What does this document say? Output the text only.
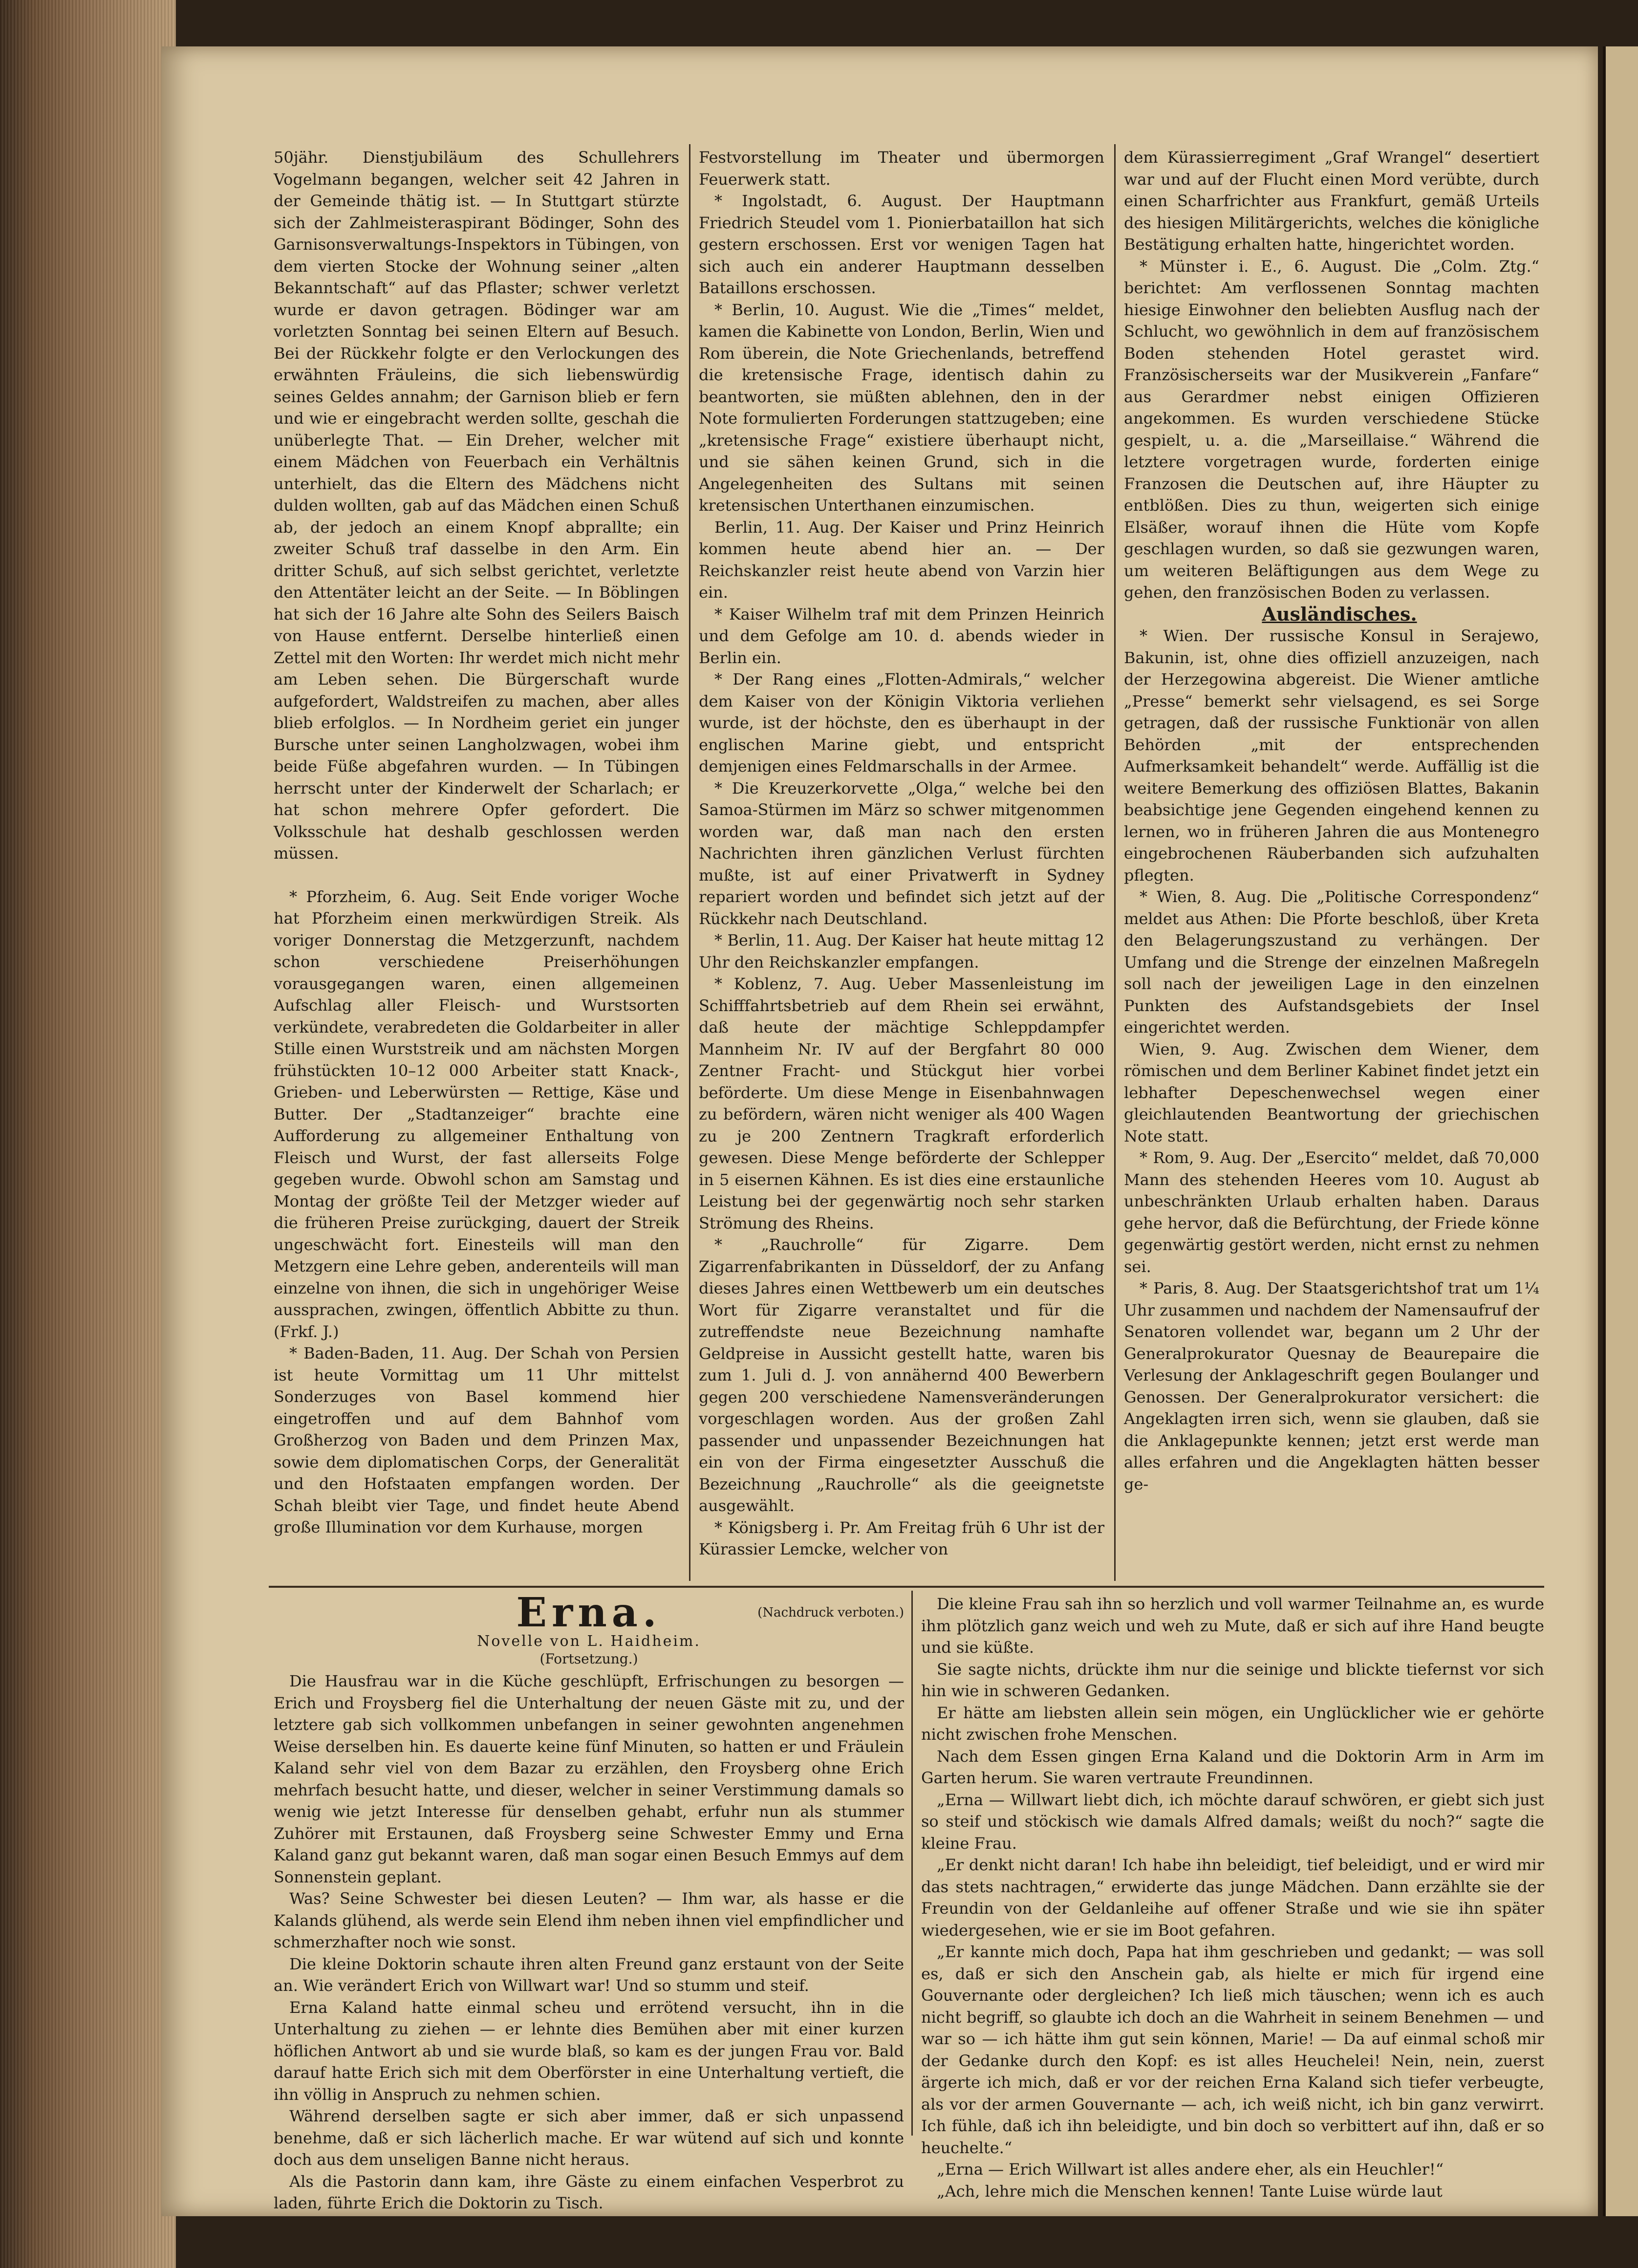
50jähr. Dienstjubiläum des Schullehrers Vogelmann begangen, welcher seit 42 Jahren in der Gemeinde thätig ist. — In Stuttgart stürzte sich der Zahlmeisteraspirant Bödinger, Sohn des Garnisonsverwaltungs-Inspektors in Tübingen, von dem vierten Stocke der Wohnung seiner „alten Bekanntschaft“ auf das Pflaster; schwer verletzt wurde er davon getragen. Bödinger war am vorletzten Sonntag bei seinen Eltern auf Besuch. Bei der Rückkehr folgte er den Verlockungen des erwähnten Fräuleins, die sich liebenswürdig seines Geldes annahm; der Garnison blieb er fern und wie er eingebracht werden sollte, geschah die unüberlegte That. — Ein Dreher, welcher mit einem Mädchen von Feuerbach ein Verhältnis unterhielt, das die Eltern des Mädchens nicht dulden wollten, gab auf das Mädchen einen Schuß ab, der jedoch an einem Knopf abprallte; ein zweiter Schuß traf dasselbe in den Arm. Ein dritter Schuß, auf sich selbst gerichtet, verletzte den Attentäter leicht an der Seite. — In Böblingen hat sich der 16 Jahre alte Sohn des Seilers Baisch von Hause entfernt. Derselbe hinterließ einen Zettel mit den Worten: Ihr werdet mich nicht mehr am Leben sehen. Die Bürgerschaft wurde aufgefordert, Waldstreifen zu machen, aber alles blieb erfolglos. — In Nordheim geriet ein junger Bursche unter seinen Langholzwagen, wobei ihm beide Füße abgefahren wurden. — In Tübingen herrscht unter der Kinderwelt der Scharlach; er hat schon mehrere Opfer gefordert. Die Volksschule hat deshalb geschlossen werden müssen.

* Pforzheim, 6. Aug. Seit Ende voriger Woche hat Pforzheim einen merkwürdigen Streik. Als voriger Donnerstag die Metzgerzunft, nachdem schon verschiedene Preiserhöhungen vorausgegangen waren, einen allgemeinen Aufschlag aller Fleisch- und Wurstsorten verkündete, verabredeten die Goldarbeiter in aller Stille einen Wurststreik und am nächsten Morgen frühstückten 10–12 000 Arbeiter statt Knack-, Grieben- und Leberwürsten — Rettige, Käse und Butter. Der „Stadtanzeiger“ brachte eine Aufforderung zu allgemeiner Enthaltung von Fleisch und Wurst, der fast allerseits Folge gegeben wurde. Obwohl schon am Samstag und Montag der größte Teil der Metzger wieder auf die früheren Preise zurückging, dauert der Streik ungeschwächt fort. Einesteils will man den Metzgern eine Lehre geben, anderenteils will man einzelne von ihnen, die sich in ungehöriger Weise aussprachen, zwingen, öffentlich Abbitte zu thun. (Frkf. J.)

* Baden-Baden, 11. Aug. Der Schah von Persien ist heute Vormittag um 11 Uhr mittelst Sonderzuges von Basel kommend hier eingetroffen und auf dem Bahnhof vom Großherzog von Baden und dem Prinzen Max, sowie dem diplomatischen Corps, der Generalität und den Hofstaaten empfangen worden. Der Schah bleibt vier Tage, und findet heute Abend große Illumination vor dem Kurhause, morgen

Festvorstellung im Theater und übermorgen Feuerwerk statt.

* Ingolstadt, 6. August. Der Hauptmann Friedrich Steudel vom 1. Pionierbataillon hat sich gestern erschossen. Erst vor wenigen Tagen hat sich auch ein anderer Hauptmann desselben Bataillons erschossen.

* Berlin, 10. August. Wie die „Times“ meldet, kamen die Kabinette von London, Berlin, Wien und Rom überein, die Note Griechenlands, betreffend die kretensische Frage, identisch dahin zu beantworten, sie müßten ablehnen, den in der Note formulierten Forderungen stattzugeben; eine „kretensische Frage“ existiere überhaupt nicht, und sie sähen keinen Grund, sich in die Angelegenheiten des Sultans mit seinen kretensischen Unterthanen einzumischen.

Berlin, 11. Aug. Der Kaiser und Prinz Heinrich kommen heute abend hier an. — Der Reichskanzler reist heute abend von Varzin hier ein.

* Kaiser Wilhelm traf mit dem Prinzen Heinrich und dem Gefolge am 10. d. abends wieder in Berlin ein.

* Der Rang eines „Flotten-Admirals,“ welcher dem Kaiser von der Königin Viktoria verliehen wurde, ist der höchste, den es überhaupt in der englischen Marine giebt, und entspricht demjenigen eines Feldmarschalls in der Armee.

* Die Kreuzerkorvette „Olga,“ welche bei den Samoa-Stürmen im März so schwer mitgenommen worden war, daß man nach den ersten Nachrichten ihren gänzlichen Verlust fürchten mußte, ist auf einer Privatwerft in Sydney repariert worden und befindet sich jetzt auf der Rückkehr nach Deutschland.

* Berlin, 11. Aug. Der Kaiser hat heute mittag 12 Uhr den Reichskanzler empfangen.

* Koblenz, 7. Aug. Ueber Massenleistung im Schifffahrtsbetrieb auf dem Rhein sei erwähnt, daß heute der mächtige Schleppdampfer Mannheim Nr. IV auf der Bergfahrt 80 000 Zentner Fracht- und Stückgut hier vorbei beförderte. Um diese Menge in Eisenbahnwagen zu befördern, wären nicht weniger als 400 Wagen zu je 200 Zentnern Tragkraft erforderlich gewesen. Diese Menge beförderte der Schlepper in 5 eisernen Kähnen. Es ist dies eine erstaunliche Leistung bei der gegenwärtig noch sehr starken Strömung des Rheins.

* „Rauchrolle“ für Zigarre. Dem Zigarrenfabrikanten in Düsseldorf, der zu Anfang dieses Jahres einen Wettbewerb um ein deutsches Wort für Zigarre veranstaltet und für die zutreffendste neue Bezeichnung namhafte Geldpreise in Aussicht gestellt hatte, waren bis zum 1. Juli d. J. von annähernd 400 Bewerbern gegen 200 verschiedene Namensveränderungen vorgeschlagen worden. Aus der großen Zahl passender und unpassender Bezeichnungen hat ein von der Firma eingesetzter Ausschuß die Bezeichnung „Rauchrolle“ als die geeignetste ausgewählt.

* Königsberg i. Pr. Am Freitag früh 6 Uhr ist der Kürassier Lemcke, welcher von

dem Kürassierregiment „Graf Wrangel“ desertiert war und auf der Flucht einen Mord verübte, durch einen Scharfrichter aus Frankfurt, gemäß Urteils des hiesigen Militärgerichts, welches die königliche Bestätigung erhalten hatte, hingerichtet worden.

* Münster i. E., 6. August. Die „Colm. Ztg.“ berichtet: Am verflossenen Sonntag machten hiesige Einwohner den beliebten Ausflug nach der Schlucht, wo gewöhnlich in dem auf französischem Boden stehenden Hotel gerastet wird. Französischerseits war der Musikverein „Fanfare“ aus Gerardmer nebst einigen Offizieren angekommen. Es wurden verschiedene Stücke gespielt, u. a. die „Marseillaise.“ Während die letztere vorgetragen wurde, forderten einige Franzosen die Deutschen auf, ihre Häupter zu entblößen. Dies zu thun, weigerten sich einige Elsäßer, worauf ihnen die Hüte vom Kopfe geschlagen wurden, so daß sie gezwungen waren, um weiteren Beläftigungen aus dem Wege zu gehen, den französischen Boden zu verlassen.

Ausländisches.

* Wien. Der russische Konsul in Serajewo, Bakunin, ist, ohne dies offiziell anzuzeigen, nach der Herzegowina abgereist. Die Wiener amtliche „Presse“ bemerkt sehr vielsagend, es sei Sorge getragen, daß der russische Funktionär von allen Behörden „mit der entsprechenden Aufmerksamkeit behandelt“ werde. Auffällig ist die weitere Bemerkung des offiziösen Blattes, Bakanin beabsichtige jene Gegenden eingehend kennen zu lernen, wo in früheren Jahren die aus Montenegro eingebrochenen Räuberbanden sich aufzuhalten pflegten.

* Wien, 8. Aug. Die „Politische Correspondenz“ meldet aus Athen: Die Pforte beschloß, über Kreta den Belagerungszustand zu verhängen. Der Umfang und die Strenge der einzelnen Maßregeln soll nach der jeweiligen Lage in den einzelnen Punkten des Aufstandsgebiets der Insel eingerichtet werden.

Wien, 9. Aug. Zwischen dem Wiener, dem römischen und dem Berliner Kabinet findet jetzt ein lebhafter Depeschenwechsel wegen einer gleichlautenden Beantwortung der griechischen Note statt.

* Rom, 9. Aug. Der „Esercito“ meldet, daß 70,000 Mann des stehenden Heeres vom 10. August ab unbeschränkten Urlaub erhalten haben. Daraus gehe hervor, daß die Befürchtung, der Friede könne gegenwärtig gestört werden, nicht ernst zu nehmen sei.

* Paris, 8. Aug. Der Staatsgerichtshof trat um 1¼ Uhr zusammen und nachdem der Namensaufruf der Senatoren vollendet war, begann um 2 Uhr der Generalprokurator Quesnay de Beaurepaire die Verlesung der Anklageschrift gegen Boulanger und Genossen. Der Generalprokurator versichert: die Angeklagten irren sich, wenn sie glauben, daß sie die Anklagepunkte kennen; jetzt erst werde man alles erfahren und die Angeklagten hätten besser ge-

Erna.	(Nachdruck verboten.)
Novelle von L. Haidheim.
(Fortsetzung.)

Die Hausfrau war in die Küche geschlüpft, Erfrischungen zu besorgen — Erich und Froysberg fiel die Unterhaltung der neuen Gäste mit zu, und der letztere gab sich vollkommen unbefangen in seiner gewohnten angenehmen Weise derselben hin. Es dauerte keine fünf Minuten, so hatten er und Fräulein Kaland sehr viel von dem Bazar zu erzählen, den Froysberg ohne Erich mehrfach besucht hatte, und dieser, welcher in seiner Verstimmung damals so wenig wie jetzt Interesse für denselben gehabt, erfuhr nun als stummer Zuhörer mit Erstaunen, daß Froysberg seine Schwester Emmy und Erna Kaland ganz gut bekannt waren, daß man sogar einen Besuch Emmys auf dem Sonnenstein geplant.

Was? Seine Schwester bei diesen Leuten? — Ihm war, als hasse er die Kalands glühend, als werde sein Elend ihm neben ihnen viel empfindlicher und schmerzhafter noch wie sonst.

Die kleine Doktorin schaute ihren alten Freund ganz erstaunt von der Seite an. Wie verändert Erich von Willwart war! Und so stumm und steif.

Erna Kaland hatte einmal scheu und errötend versucht, ihn in die Unterhaltung zu ziehen — er lehnte dies Bemühen aber mit einer kurzen höflichen Antwort ab und sie wurde blaß, so kam es der jungen Frau vor. Bald darauf hatte Erich sich mit dem Oberförster in eine Unterhaltung vertieft, die ihn völlig in Anspruch zu nehmen schien.

Während derselben sagte er sich aber immer, daß er sich unpassend benehme, daß er sich lächerlich mache. Er war wütend auf sich und konnte doch aus dem unseligen Banne nicht heraus.

Als die Pastorin dann kam, ihre Gäste zu einem einfachen Vesperbrot zu laden, führte Erich die Doktorin zu Tisch.

Die kleine Frau sah ihn so herzlich und voll warmer Teilnahme an, es wurde ihm plötzlich ganz weich und weh zu Mute, daß er sich auf ihre Hand beugte und sie küßte.

Sie sagte nichts, drückte ihm nur die seinige und blickte tiefernst vor sich hin wie in schweren Gedanken.

Er hätte am liebsten allein sein mögen, ein Unglücklicher wie er gehörte nicht zwischen frohe Menschen.

Nach dem Essen gingen Erna Kaland und die Doktorin Arm in Arm im Garten herum. Sie waren vertraute Freundinnen.

„Erna — Willwart liebt dich, ich möchte darauf schwören, er giebt sich just so steif und stöckisch wie damals Alfred damals; weißt du noch?“ sagte die kleine Frau.

„Er denkt nicht daran! Ich habe ihn beleidigt, tief beleidigt, und er wird mir das stets nachtragen,“ erwiderte das junge Mädchen. Dann erzählte sie der Freundin von der Geldanleihe auf offener Straße und wie sie ihn später wiedergesehen, wie er sie im Boot gefahren.

„Er kannte mich doch, Papa hat ihm geschrieben und gedankt; — was soll es, daß er sich den Anschein gab, als hielte er mich für irgend eine Gouvernante oder dergleichen? Ich ließ mich täuschen; wenn ich es auch nicht begriff, so glaubte ich doch an die Wahrheit in seinem Benehmen — und war so — ich hätte ihm gut sein können, Marie! — Da auf einmal schoß mir der Gedanke durch den Kopf: es ist alles Heuchelei! Nein, nein, zuerst ärgerte ich mich, daß er vor der reichen Erna Kaland sich tiefer verbeugte, als vor der armen Gouvernante — ach, ich weiß nicht, ich bin ganz verwirrt. Ich fühle, daß ich ihn beleidigte, und bin doch so verbittert auf ihn, daß er so heuchelte.“

„Erna — Erich Willwart ist alles andere eher, als ein Heuchler!“

„Ach, lehre mich die Menschen kennen! Tante Luise würde laut
